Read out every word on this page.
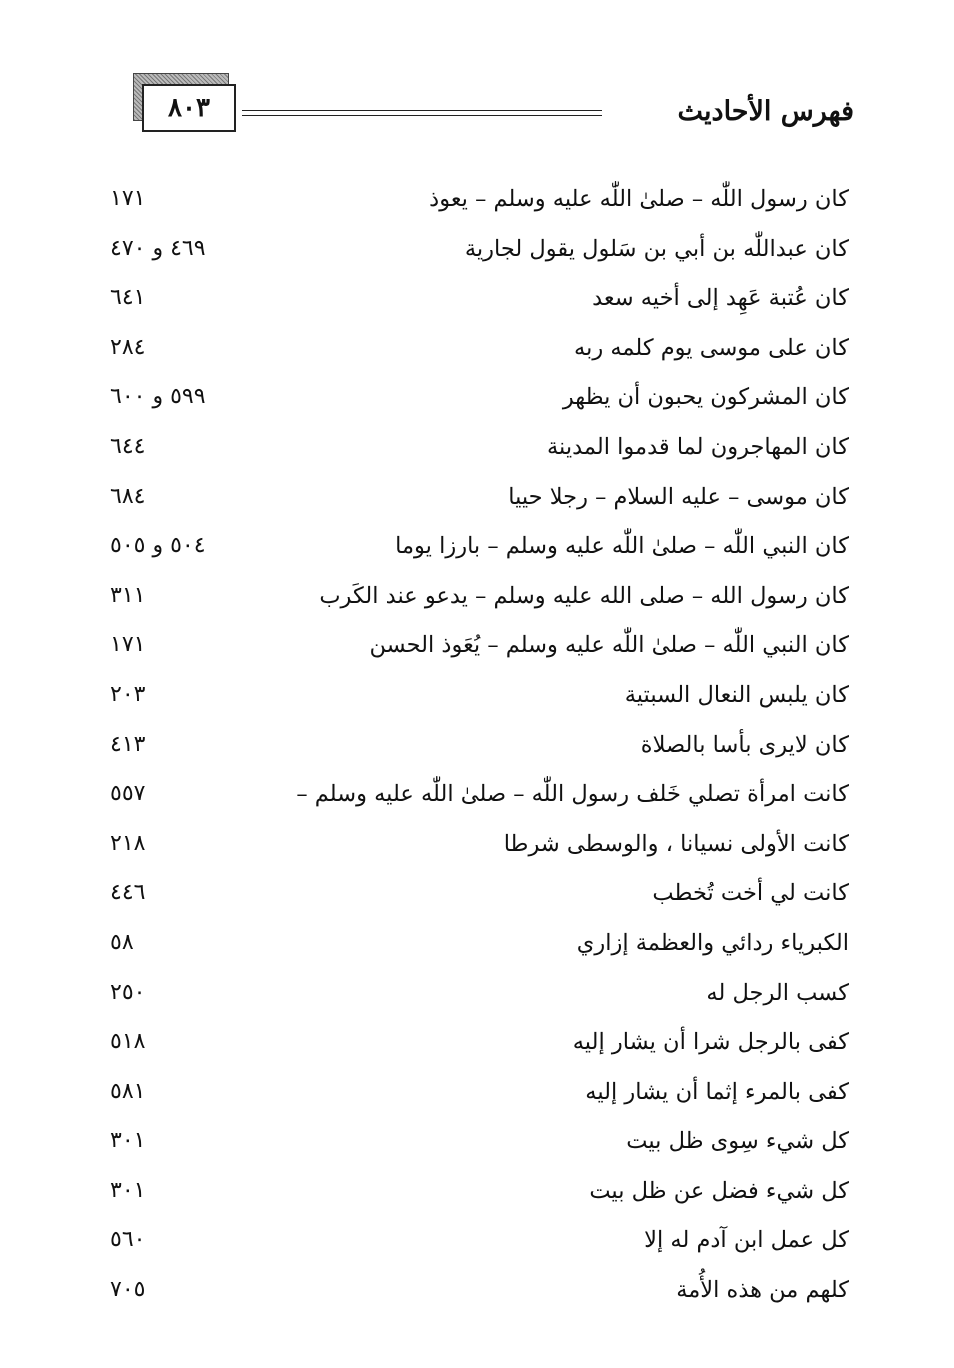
٨٠٣	فهرس الأحاديث
كان رسول اللّٰه – صلىٰ اللّٰه عليه وسلم – يعوذ
١٧١
كان عبداللّٰه بن أبي بن سَلول يقول لجارية
٤٦٩ و ٤٧٠
كان عُتبة عَهِد إلى أخيه سعد
٦٤١
كان على موسى يوم كلمه ربه
٢٨٤
كان المشركون يحبون أن يظهر
٥٩٩ و ٦٠٠
كان المهاجرون لما قدموا المدينة
٦٤٤
كان موسى – عليه السلام – رجلا حييا
٦٨٤
كان النبي اللّٰه – صلىٰ اللّٰه عليه وسلم – بارزا يوما
٥٠٤ و ٥٠٥
كان رسول الله – صلى الله عليه وسلم – يدعو عند الكَرب
٣١١
كان النبي اللّٰه – صلىٰ اللّٰه عليه وسلم – يُعَوذ الحسن
١٧١
كان يلبس النعال السبتية
٢٠٣
كان لايرى بأسا بالصلاة
٤١٣
كانت امرأة تصلي خَلف رسول اللّٰه – صلىٰ اللّٰه عليه وسلم –
٥٥٧
كانت الأولى نسيانا ، والوسطى شرطا
٢١٨
كانت لي أخت تُخطب
٤٤٦
الكبرياء ردائي والعظمة إزاري
٥٨
كسب الرجل له
٢٥٠
كفى بالرجل شرا أن يشار إليه
٥١٨
كفى بالمرء إثما أن يشار إليه
٥٨١
كل شيء سِوى ظل بيت
٣٠١
كل شيء فضل عن ظل بيت
٣٠١
كل عمل ابن آدم له إلا
٥٦٠
كلهم من هذه الأُمة
٧٠٥
